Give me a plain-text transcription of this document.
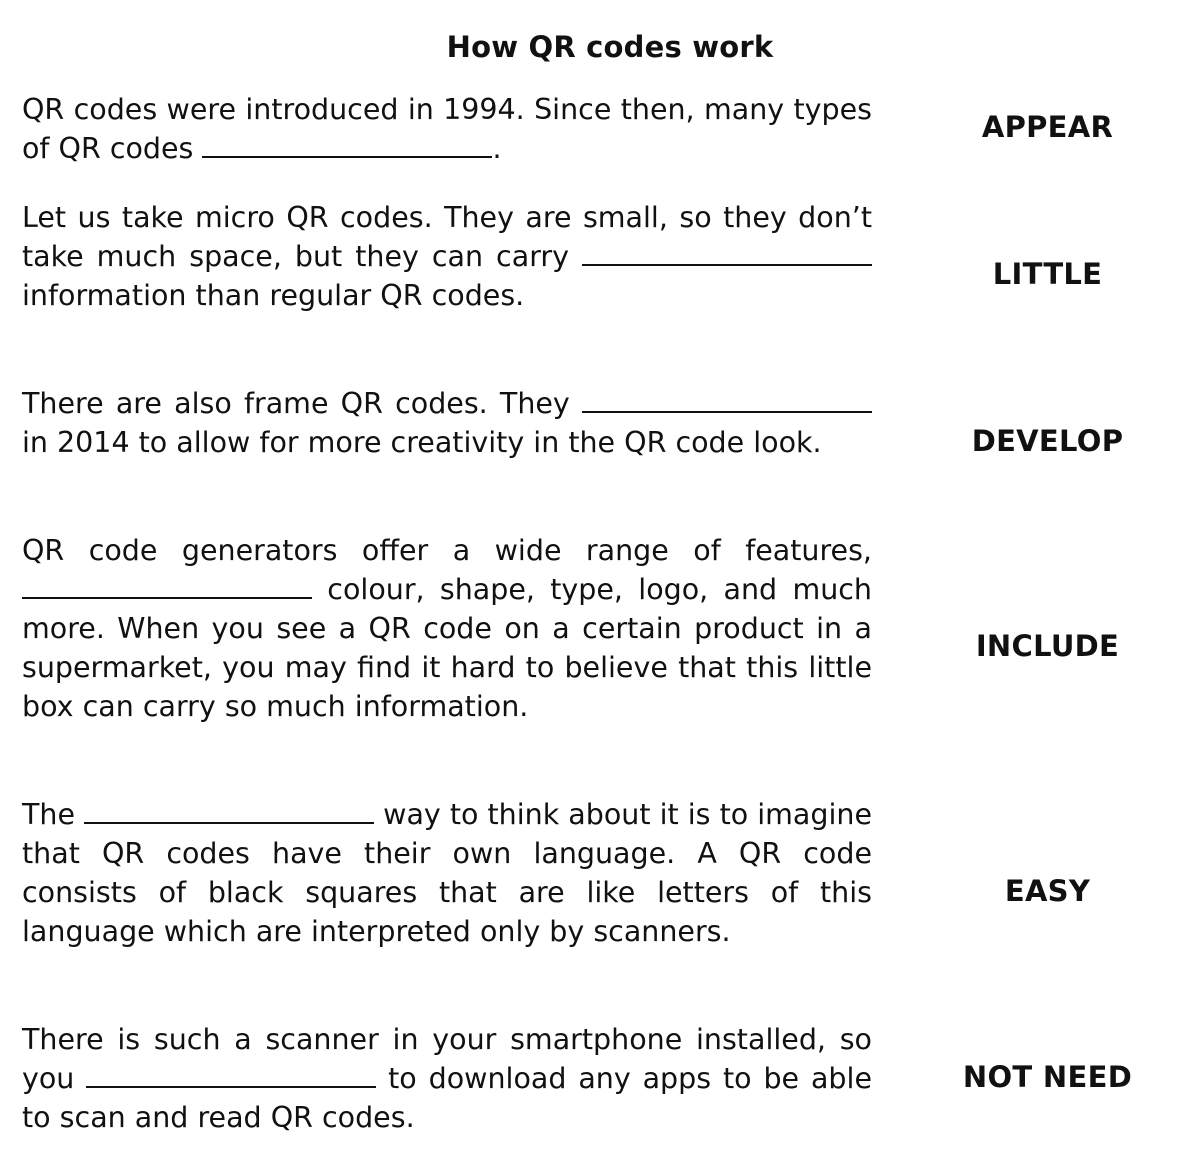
How QR codes work
QR codes were introduced in 1994. Since then, many types of QR codes	.
APPEAR
Let us take micro QR codes. They are small, so they don’t take much space, but they can carry  information than regular QR codes.
LITTLE
There are also frame QR codes. They  in 2014 to allow for more creativity in the QR code look.	DEVELOP
QR code generators offer a wide range of features,  colour, shape, type, logo, and much more. When you see a QR code on a certain product in a supermarket, you may find it hard to believe that this little box can carry so much information.
INCLUDE
The	way to think about it is to imagine that QR codes have their own language. A QR code consists of black squares that are like letters of this language which are interpreted only by scanners.
EASY
There is such a scanner in your smartphone installed, so you	to download any apps to be able to scan and read QR codes.
NOT NEED
